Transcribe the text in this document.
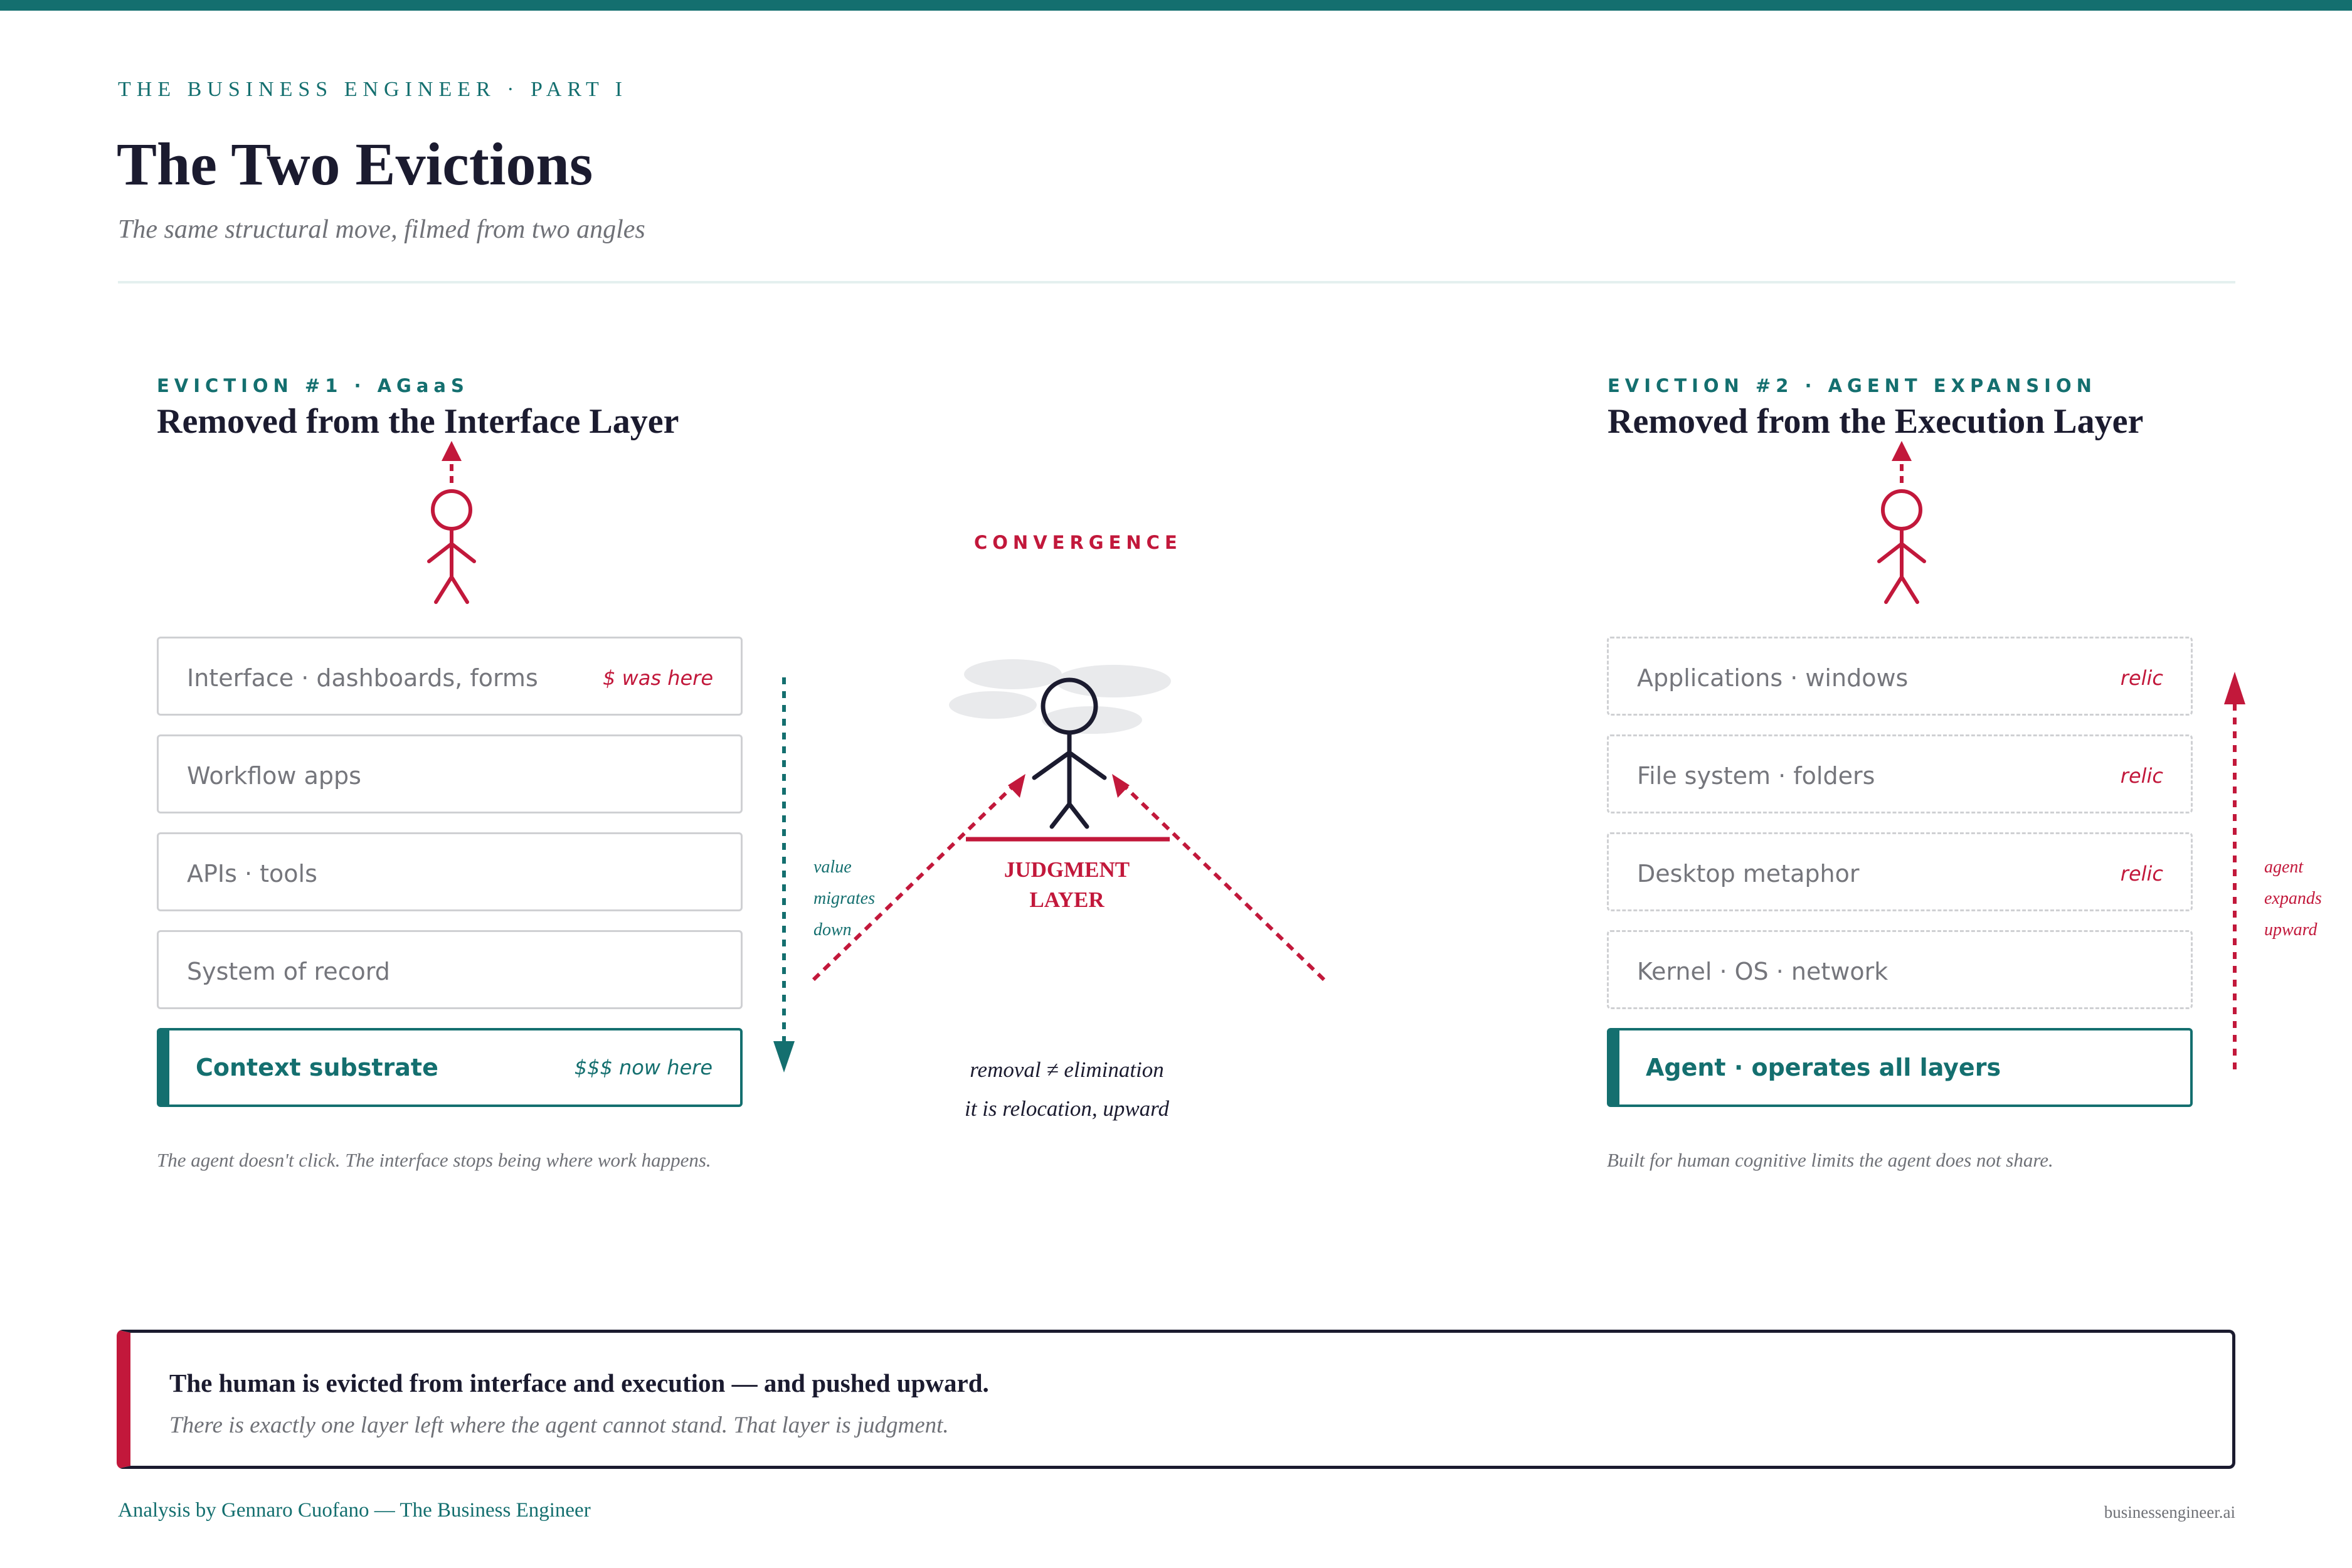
THE BUSINESS ENGINEER · PART I
The Two Evictions
The same structural move, filmed from two angles
EVICTION #1 · AGaaS
Removed from the Interface Layer
Interface · dashboards, forms	$ was here
Workflow apps
APIs · tools
System of record
Context substrate	$$$ now here
value
migrates
down
The agent doesn't click. The interface stops being where work happens.
CONVERGENCE
JUDGMENT
LAYER
removal ≠ elimination
it is relocation, upward
EVICTION #2 · AGENT EXPANSION
Removed from the Execution Layer
Applications · windows	relic
File system · folders	relic
Desktop metaphor	relic
Kernel · OS · network
Agent · operates all layers
agent
expands
upward
Built for human cognitive limits the agent does not share.
The human is evicted from interface and execution — and pushed upward.
There is exactly one layer left where the agent cannot stand. That layer is judgment.
Analysis by Gennaro Cuofano — The Business Engineer	businessengineer.ai
